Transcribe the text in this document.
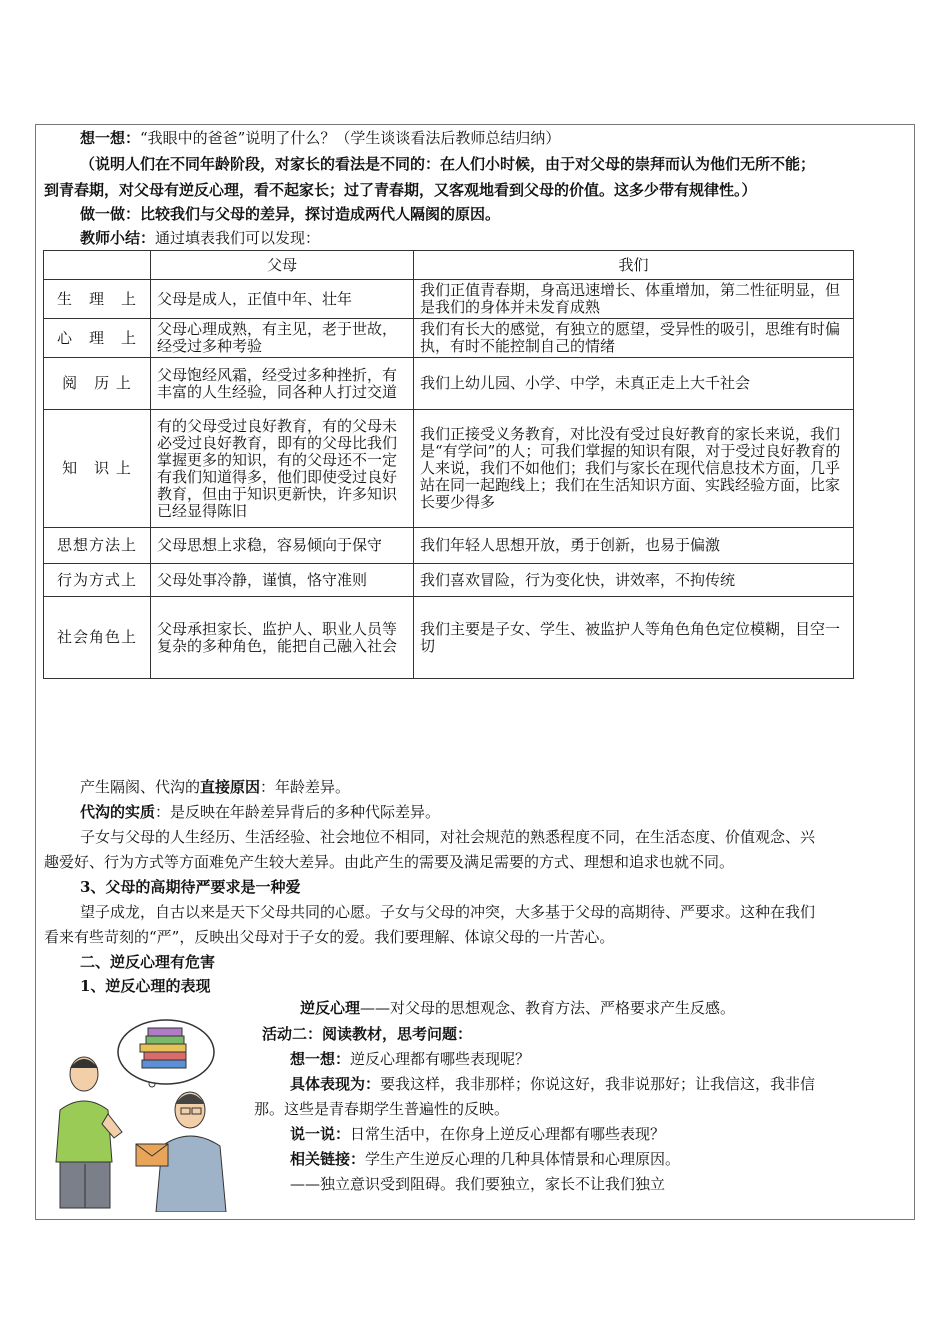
想一想：“我眼中的爸爸”说明了什么？（学生谈谈看法后教师总结归纳）
（说明人们在不同年龄阶段，对家长的看法是不同的：在人们小时候，由于对父母的崇拜而认为他们无所不能；
到青春期，对父母有逆反心理，看不起家长；过了青春期，又客观地看到父母的价值。这多少带有规律性。）
做一做：比较我们与父母的差异，探讨造成两代人隔阂的原因。
教师小结：通过填表我们可以发现：
	父母	我们
生　理　上	父母是成人，正值中年、壮年	我们正值青春期，身高迅速增长、体重增加，第二性征明显，但是我们的身体并未发育成熟
心　理　上	父母心理成熟，有主见，老于世故，经受过多种考验	我们有长大的感觉，有独立的愿望，受异性的吸引，思维有时偏执，有时不能控制自己的情绪
阅　历 上	父母饱经风霜，经受过多种挫折，有丰富的人生经验，同各种人打过交道	我们上幼儿园、小学、中学，未真正走上大千社会
知　识 上	有的父母受过良好教育，有的父母未必受过良好教育，即有的父母比我们掌握更多的知识，有的父母还不一定有我们知道得多，他们即使受过良好教育，但由于知识更新快，许多知识已经显得陈旧	我们正接受义务教育，对比没有受过良好教育的家长来说，我们是“有学问”的人；可我们掌握的知识有限，对于受过良好教育的人来说，我们不如他们；我们与家长在现代信息技术方面，几乎站在同一起跑线上；我们在生活知识方面、实践经验方面，比家长要少得多
思想方法上	父母思想上求稳，容易倾向于保守	我们年轻人思想开放，勇于创新，也易于偏激
行为方式上	父母处事冷静，谨慎，恪守准则	我们喜欢冒险，行为变化快，讲效率，不拘传统
社会角色上	父母承担家长、监护人、职业人员等复杂的多种角色，能把自己融入社会	我们主要是子女、学生、被监护人等角色角色定位模糊，目空一切
产生隔阂、代沟的直接原因：年龄差异。
代沟的实质：是反映在年龄差异背后的多种代际差异。
子女与父母的人生经历、生活经验、社会地位不相同，对社会规范的熟悉程度不同，在生活态度、价值观念、兴
趣爱好、行为方式等方面难免产生较大差异。由此产生的需要及满足需要的方式、理想和追求也就不同。
3、父母的高期待严要求是一种爱
望子成龙，自古以来是天下父母共同的心愿。子女与父母的冲突，大多基于父母的高期待、严要求。这种在我们
看来有些苛刻的“严”，反映出父母对于子女的爱。我们要理解、体谅父母的一片苦心。
二、逆反心理有危害
1、逆反心理的表现
逆反心理——对父母的思想观念、教育方法、严格要求产生反感。
活动二：阅读教材，思考问题：
想一想：逆反心理都有哪些表现呢？
具体表现为：要我这样，我非那样；你说这好，我非说那好；让我信这，我非信
那。这些是青春期学生普遍性的反映。
说一说：日常生活中，在你身上逆反心理都有哪些表现？
相关链接：学生产生逆反心理的几种具体情景和心理原因。
——独立意识受到阻碍。我们要独立，家长不让我们独立
